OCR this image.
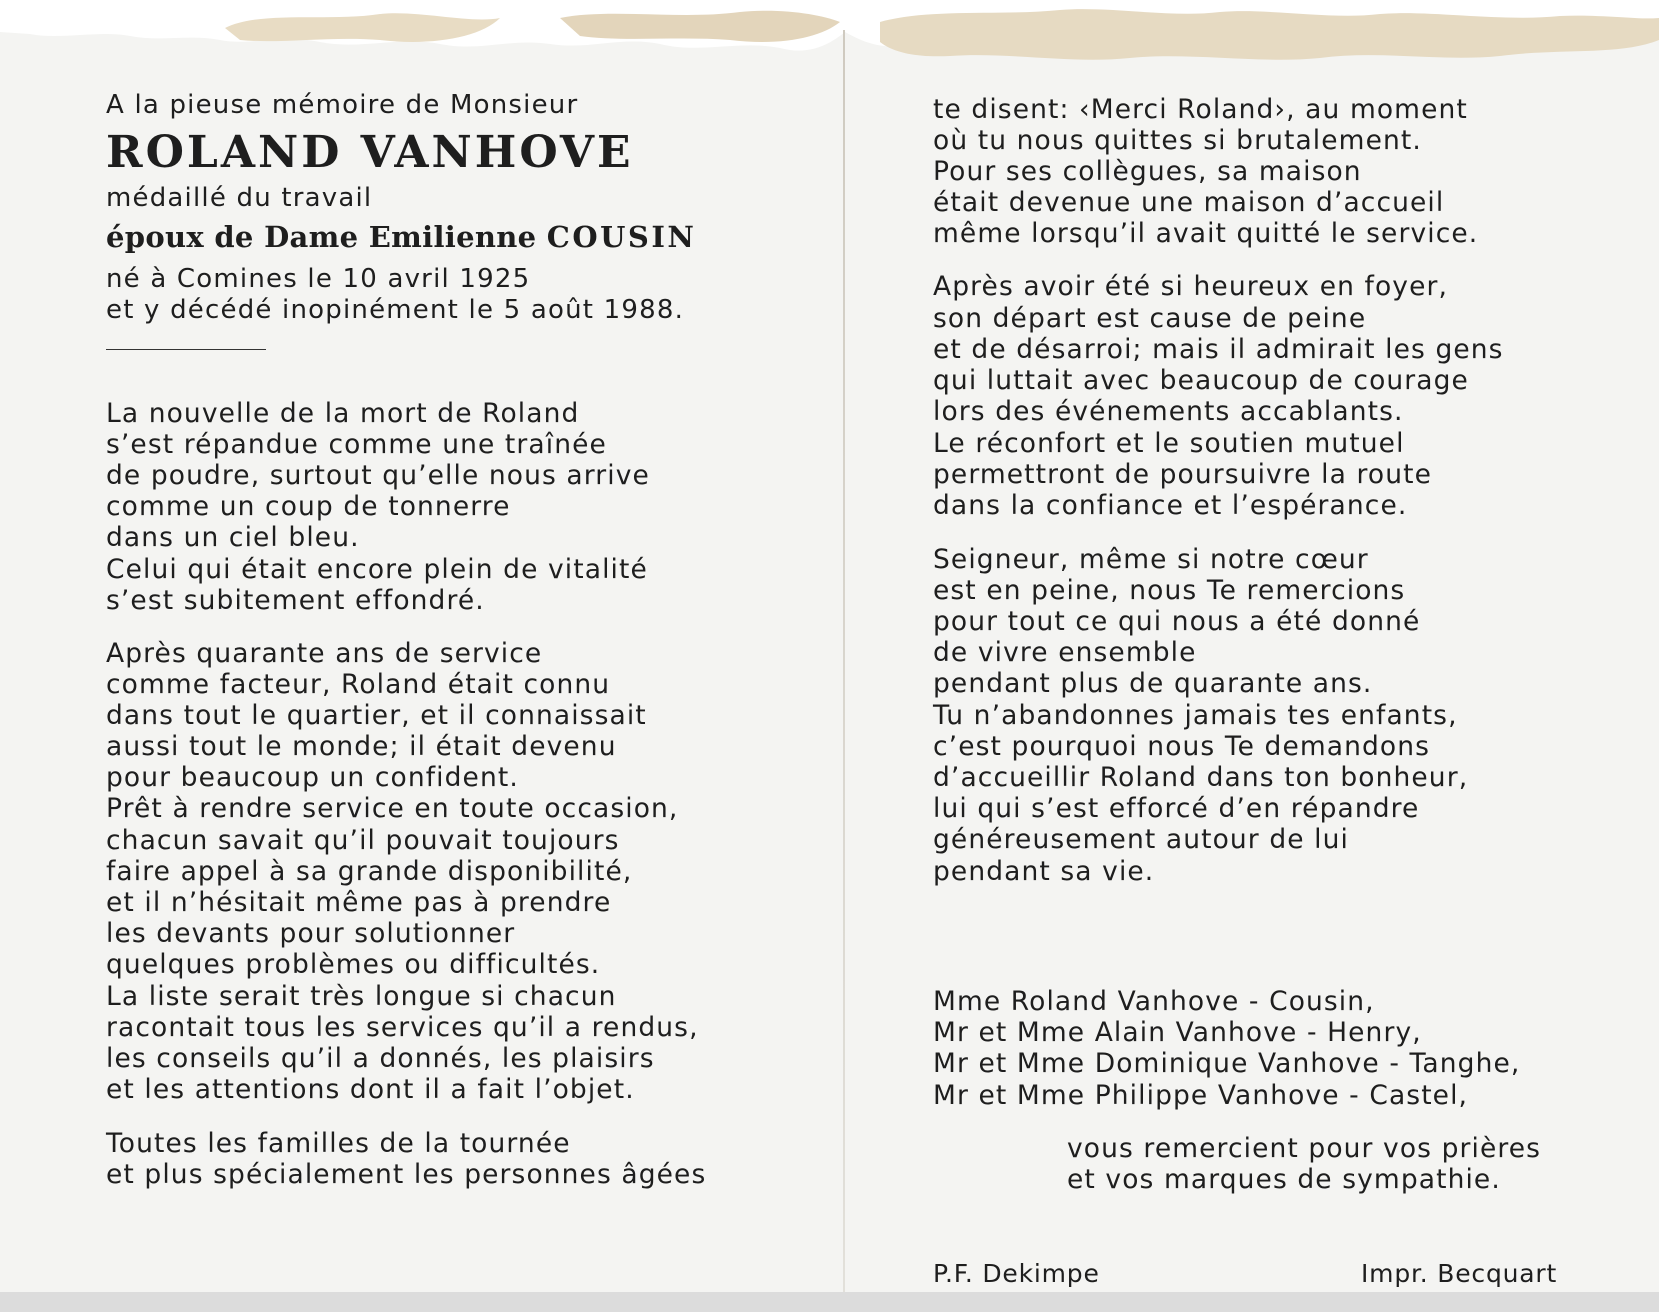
A la pieuse mémoire de Monsieur
ROLAND VANHOVE
médaillé du travail
époux de Dame Emilienne COUSIN
né à Comines le 10 avril 1925
et y décédé inopinément le 5 août 1988.
La nouvelle de la mort de Roland
s’est répandue comme une traînée
de poudre, surtout qu’elle nous arrive
comme un coup de tonnerre
dans un ciel bleu.
Celui qui était encore plein de vitalité
s’est subitement effondré.
Après quarante ans de service
comme facteur, Roland était connu
dans tout le quartier, et il connaissait
aussi tout le monde; il était devenu
pour beaucoup un confident.
Prêt à rendre service en toute occasion,
chacun savait qu’il pouvait toujours
faire appel à sa grande disponibilité,
et il n’hésitait même pas à prendre
les devants pour solutionner
quelques problèmes ou difficultés.
La liste serait très longue si chacun
racontait tous les services qu’il a rendus,
les conseils qu’il a donnés, les plaisirs
et les attentions dont il a fait l’objet.
Toutes les familles de la tournée
et plus spécialement les personnes âgées
te disent: ‹Merci Roland›, au moment
où tu nous quittes si brutalement.
Pour ses collègues, sa maison
était devenue une maison d’accueil
même lorsqu’il avait quitté le service.
Après avoir été si heureux en foyer,
son départ est cause de peine
et de désarroi; mais il admirait les gens
qui luttait avec beaucoup de courage
lors des événements accablants.
Le réconfort et le soutien mutuel
permettront de poursuivre la route
dans la confiance et l’espérance.
Seigneur, même si notre cœur
est en peine, nous Te remercions
pour tout ce qui nous a été donné
de vivre ensemble
pendant plus de quarante ans.
Tu n’abandonnes jamais tes enfants,
c’est pourquoi nous Te demandons
d’accueillir Roland dans ton bonheur,
lui qui s’est efforcé d’en répandre
généreusement autour de lui
pendant sa vie.
Mme Roland Vanhove - Cousin,
Mr et Mme Alain Vanhove - Henry,
Mr et Mme Dominique Vanhove - Tanghe,
Mr et Mme Philippe Vanhove - Castel,
vous remercient pour vos prières
et vos marques de sympathie.
P.F. Dekimpe	Impr. Becquart
